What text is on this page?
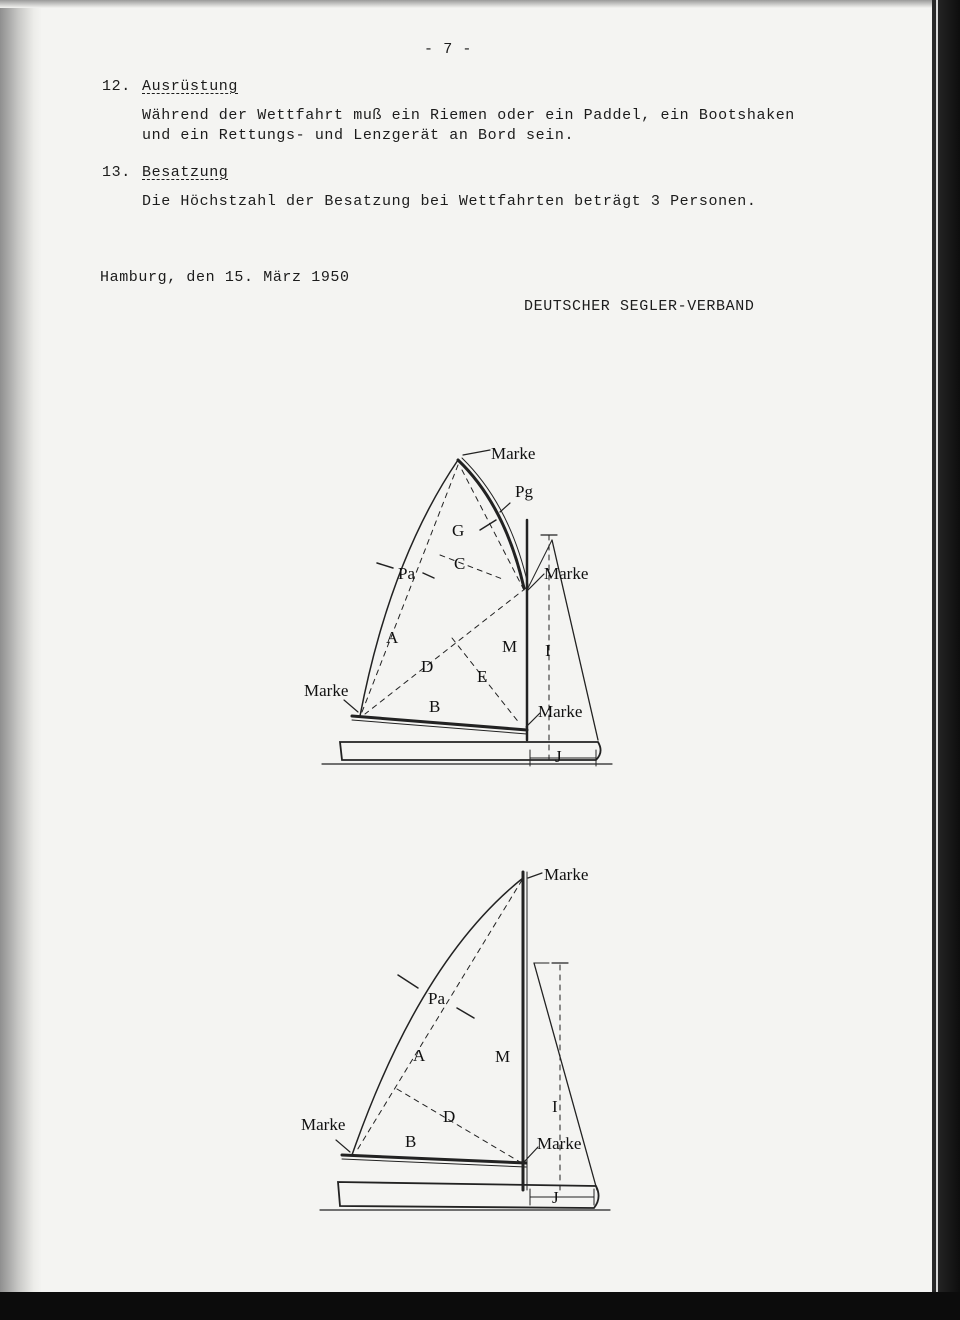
- 7 -
12. Ausrüstung
Während der Wettfahrt muß ein Riemen oder ein Paddel, ein Bootshaken
und ein Rettungs- und Lenzgerät an Bord sein.
13. Besatzung
Die Höchstzahl der Besatzung bei Wettfahrten beträgt 3 Personen.
Hamburg, den 15. März 1950
DEUTSCHER SEGLER-VERBAND
Marke
Pg
G
C
Pa	Marke
A	M I
D
E
Marke
B	Marke
J
Marke
Pa
A	M
I
D
Marke
B	Marke
J
